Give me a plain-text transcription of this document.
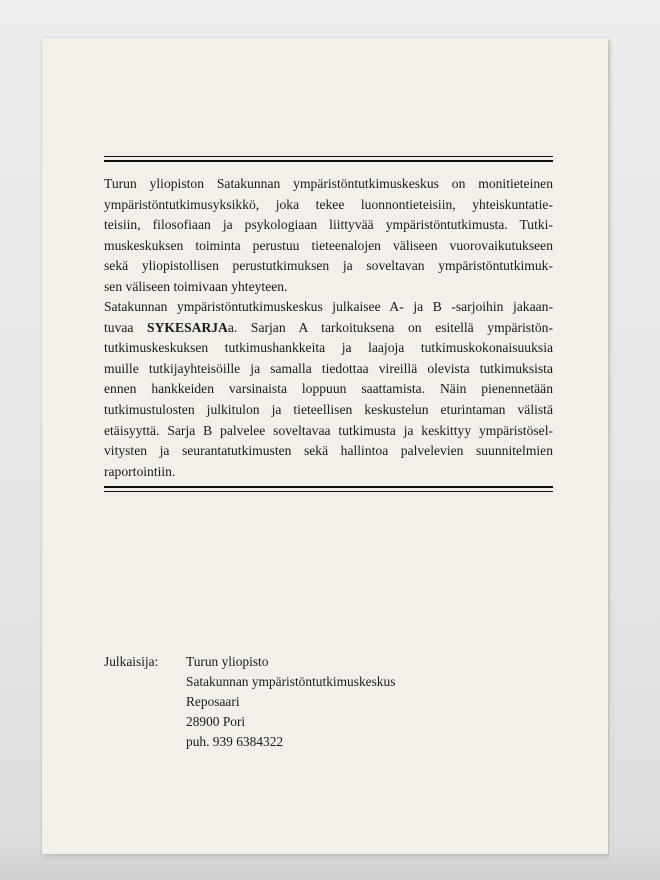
Turun yliopiston Satakunnan ympäristöntutkimuskeskus on monitieteinen
ympäristöntutkimusyksikkö, joka tekee luonnontieteisiin, yhteiskuntatie-
teisiin, filosofiaan ja psykologiaan liittyvää ympäristöntutkimusta. Tutki-
muskeskuksen toiminta perustuu tieteenalojen väliseen vuorovaikutukseen
sekä yliopistollisen perustutkimuksen ja soveltavan ympäristöntutkimuk-
sen väliseen toimivaan yhteyteen.
Satakunnan ympäristöntutkimuskeskus julkaisee A- ja B -sarjoihin jakaan-
tuvaa SYKESARJAa. Sarjan A tarkoituksena on esitellä ympäristön-
tutkimuskeskuksen tutkimushankkeita ja laajoja tutkimuskokonaisuuksia
muille tutkijayhteisöille ja samalla tiedottaa vireillä olevista tutkimuksista
ennen hankkeiden varsinaista loppuun saattamista. Näin pienennetään
tutkimustulosten julkitulon ja tieteellisen keskustelun eturintaman välistä
etäisyyttä. Sarja B palvelee soveltavaa tutkimusta ja keskittyy ympäristösel-
vitysten ja seurantatutkimusten sekä hallintoa palvelevien suunnitelmien
raportointiin.
Julkaisija: Turun yliopisto
Satakunnan ympäristöntutkimuskeskus
Reposaari
28900 Pori
puh. 939 6384322
